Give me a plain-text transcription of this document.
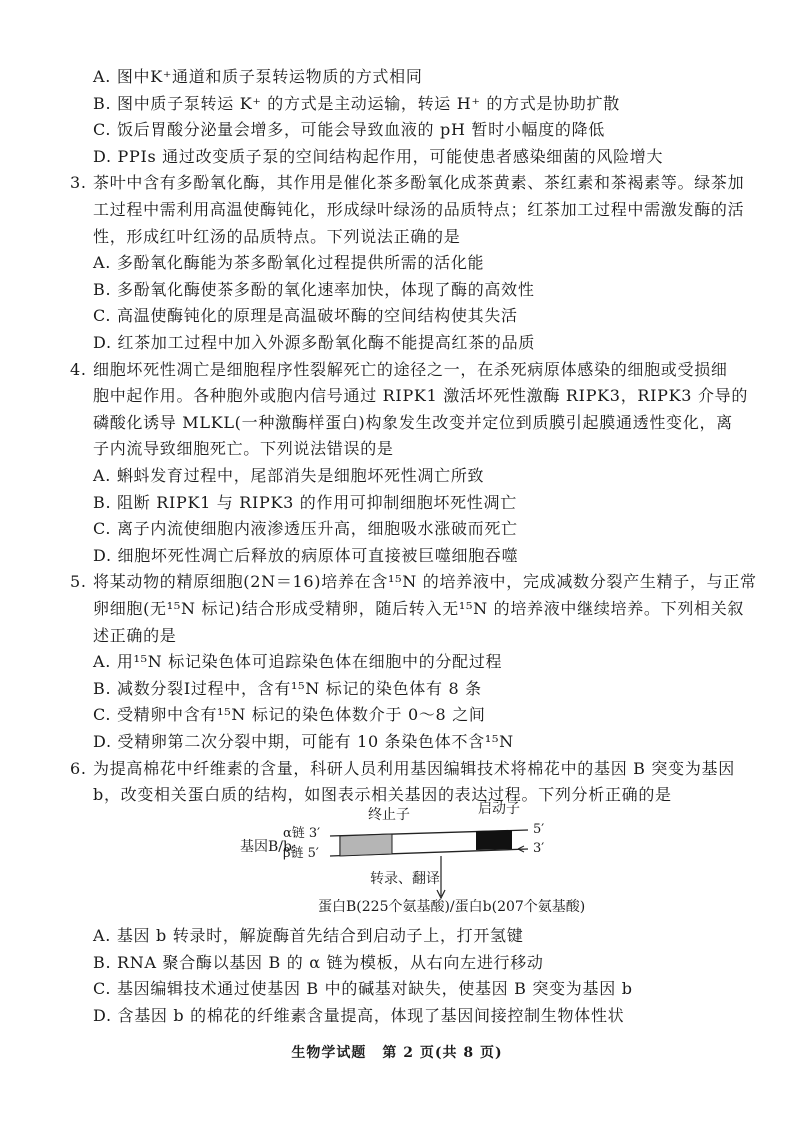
A. 图中K⁺通道和质子泵转运物质的方式相同
B. 图中质子泵转运 K⁺ 的方式是主动运输，转运 H⁺ 的方式是协助扩散
C. 饭后胃酸分泌量会增多，可能会导致血液的 pH 暂时小幅度的降低
D. PPIs 通过改变质子泵的空间结构起作用，可能使患者感染细菌的风险增大
3. 茶叶中含有多酚氧化酶，其作用是催化茶多酚氧化成茶黄素、茶红素和茶褐素等。绿茶加
工过程中需利用高温使酶钝化，形成绿叶绿汤的品质特点；红茶加工过程中需激发酶的活
性，形成红叶红汤的品质特点。下列说法正确的是
A. 多酚氧化酶能为茶多酚氧化过程提供所需的活化能
B. 多酚氧化酶使茶多酚的氧化速率加快，体现了酶的高效性
C. 高温使酶钝化的原理是高温破坏酶的空间结构使其失活
D. 红茶加工过程中加入外源多酚氧化酶不能提高红茶的品质
4. 细胞坏死性凋亡是细胞程序性裂解死亡的途径之一，在杀死病原体感染的细胞或受损细
胞中起作用。各种胞外或胞内信号通过 RIPK1 激活坏死性激酶 RIPK3，RIPK3 介导的
磷酸化诱导 MLKL(一种激酶样蛋白)构象发生改变并定位到质膜引起膜通透性变化，离
子内流导致细胞死亡。下列说法错误的是
A. 蝌蚪发育过程中，尾部消失是细胞坏死性凋亡所致
B. 阻断 RIPK1 与 RIPK3 的作用可抑制细胞坏死性凋亡
C. 离子内流使细胞内液渗透压升高，细胞吸水涨破而死亡
D. 细胞坏死性凋亡后释放的病原体可直接被巨噬细胞吞噬
5. 将某动物的精原细胞(2N＝16)培养在含¹⁵N 的培养液中，完成减数分裂产生精子，与正常
卵细胞(无¹⁵N 标记)结合形成受精卵，随后转入无¹⁵N 的培养液中继续培养。下列相关叙
述正确的是
A. 用¹⁵N 标记染色体可追踪染色体在细胞中的分配过程
B. 减数分裂Ⅰ过程中，含有¹⁵N 标记的染色体有 8 条
C. 受精卵中含有¹⁵N 标记的染色体数介于 0～8 之间
D. 受精卵第二次分裂中期，可能有 10 条染色体不含¹⁵N
6. 为提高棉花中纤维素的含量，科研人员利用基因编辑技术将棉花中的基因 B 突变为基因
b，改变相关蛋白质的结构，如图表示相关基因的表达过程。下列分析正确的是
A. 基因 b 转录时，解旋酶首先结合到启动子上，打开氢键
B. RNA 聚合酶以基因 B 的 α 链为模板，从右向左进行移动
C. 基因编辑技术通过使基因 B 中的碱基对缺失，使基因 B 突变为基因 b
D. 含基因 b 的棉花的纤维素含量提高，体现了基因间接控制生物体性状
基因B/b:
α链 3′
β链 5′
终止子	启动子
5′
3′
转录、翻译
蛋白B(225个氨基酸)/蛋白b(207个氨基酸)
生物学试题 第 2 页(共 8 页)
